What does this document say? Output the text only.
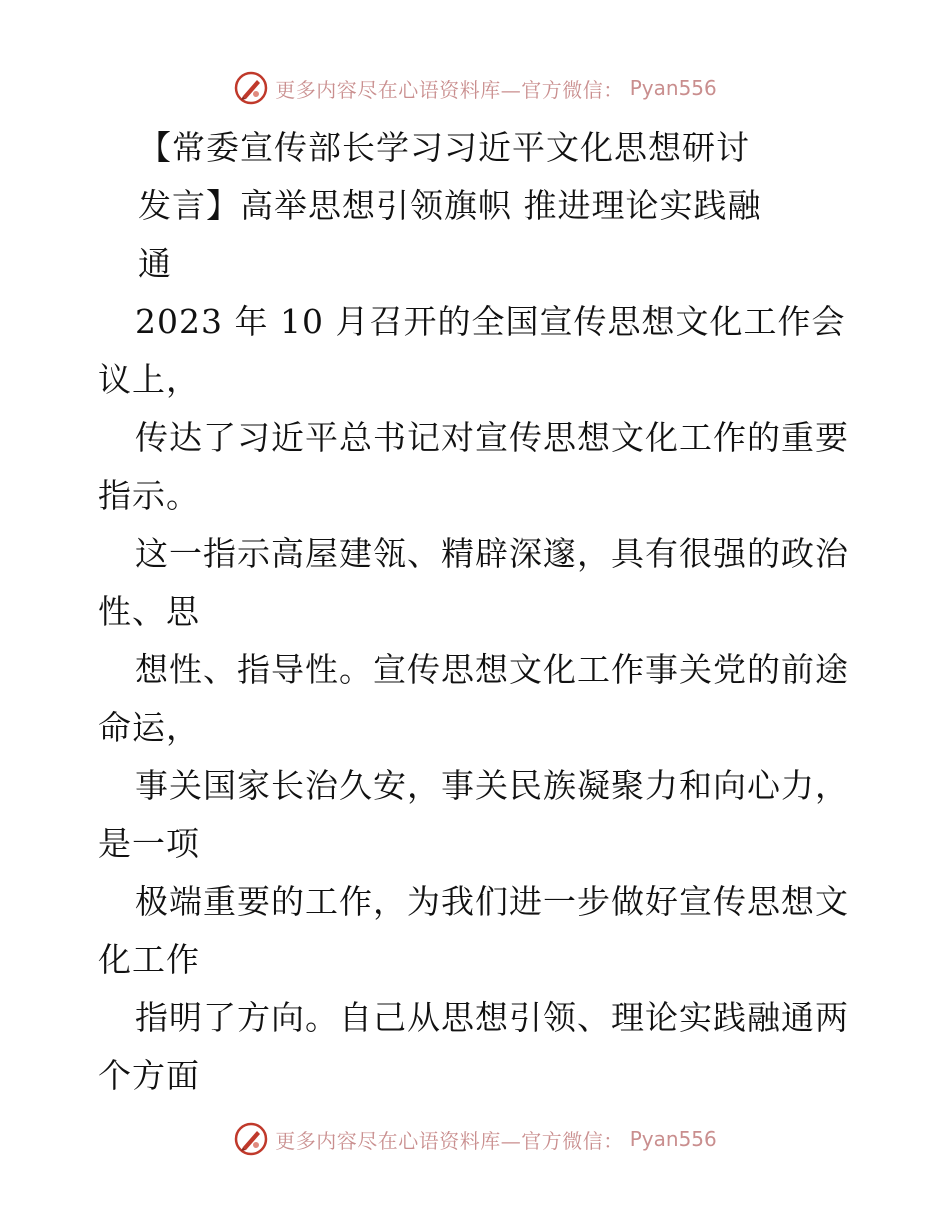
更多内容尽在心语资料库—官方微信： Pyan556
【常委宣传部长学习习近平文化思想研讨
发言】高举思想引领旗帜 推进理论实践融
通
2023 年 10 月召开的全国宣传思想文化工作会
议上，
传达了习近平总书记对宣传思想文化工作的重要
指示。
这一指示高屋建瓴、精辟深邃，具有很强的政治
性、思
想性、指导性。宣传思想文化工作事关党的前途
命运，
事关国家长治久安，事关民族凝聚力和向心力，
是一项
极端重要的工作，为我们进一步做好宣传思想文
化工作
指明了方向。自己从思想引领、理论实践融通两
个方面
更多内容尽在心语资料库—官方微信： Pyan556
